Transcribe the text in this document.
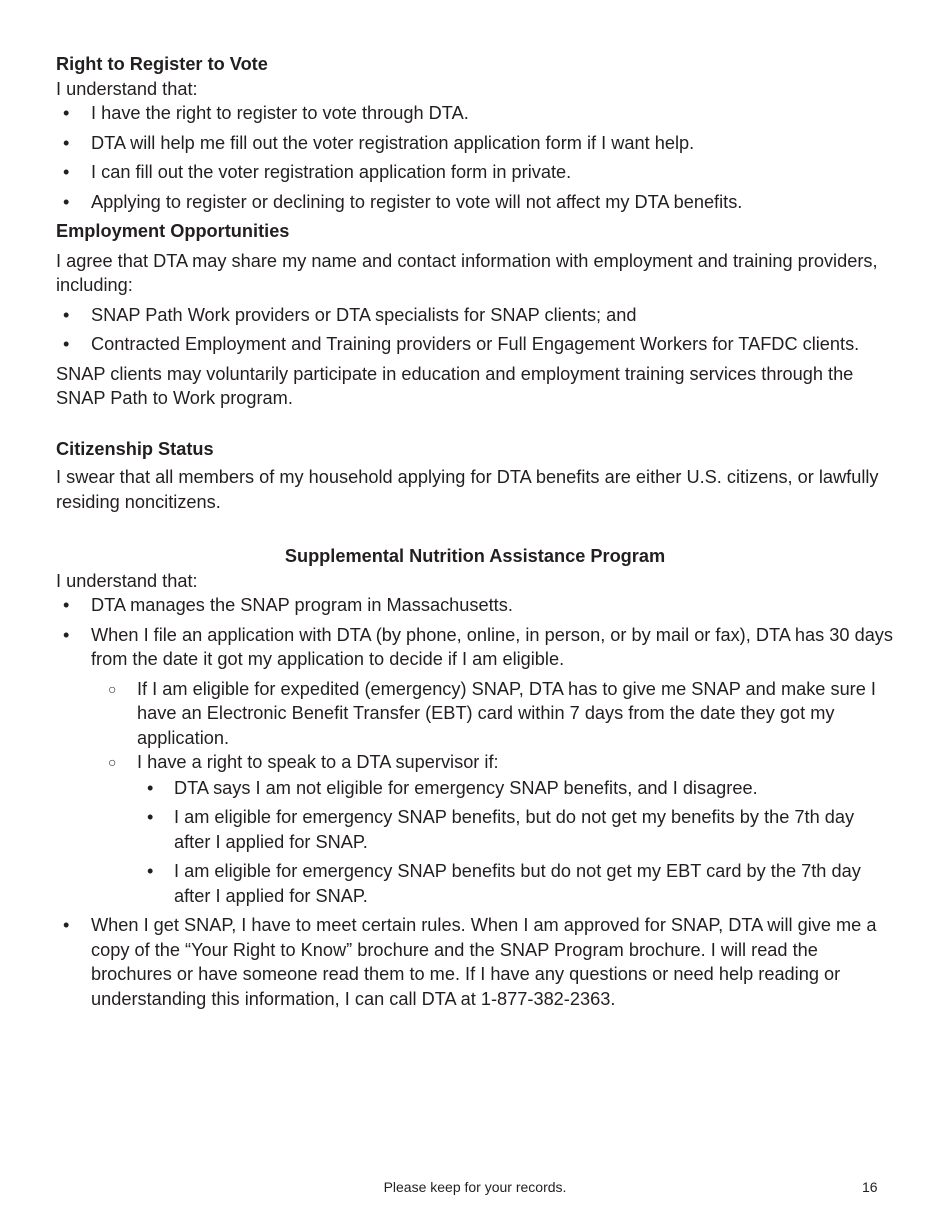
Right to Register to Vote

I understand that:

• I have the right to register to vote through DTA.
• DTA will help me fill out the voter registration application form if I want help.
• I can fill out the voter registration application form in private.
• Applying to register or declining to register to vote will not affect my DTA benefits.

Employment Opportunities

I agree that DTA may share my name and contact information with employment and training providers, including:

• SNAP Path Work providers or DTA specialists for SNAP clients; and
• Contracted Employment and Training providers or Full Engagement Workers for TAFDC clients.

SNAP clients may voluntarily participate in education and employment training services through the SNAP Path to Work program.

Citizenship Status

I swear that all members of my household applying for DTA benefits are either U.S. citizens, or lawfully residing noncitizens.

Supplemental Nutrition Assistance Program

I understand that:

• DTA manages the SNAP program in Massachusetts.
• When I file an application with DTA (by phone, online, in person, or by mail or fax), DTA has 30 days from the date it got my application to decide if I am eligible.
○ If I am eligible for expedited (emergency) SNAP, DTA has to give me SNAP and make sure I have an Electronic Benefit Transfer (EBT) card within 7 days from the date they got my application.
○ I have a right to speak to a DTA supervisor if:
• DTA says I am not eligible for emergency SNAP benefits, and I disagree.
• I am eligible for emergency SNAP benefits, but do not get my benefits by the 7th day after I applied for SNAP.
• I am eligible for emergency SNAP benefits but do not get my EBT card by the 7th day after I applied for SNAP.
• When I get SNAP, I have to meet certain rules. When I am approved for SNAP, DTA will give me a copy of the “Your Right to Know” brochure and the SNAP Program brochure. I will read the brochures or have someone read them to me. If I have any questions or need help reading or understanding this information, I can call DTA at 1-877-382-2363.
Please keep for your records.	16
